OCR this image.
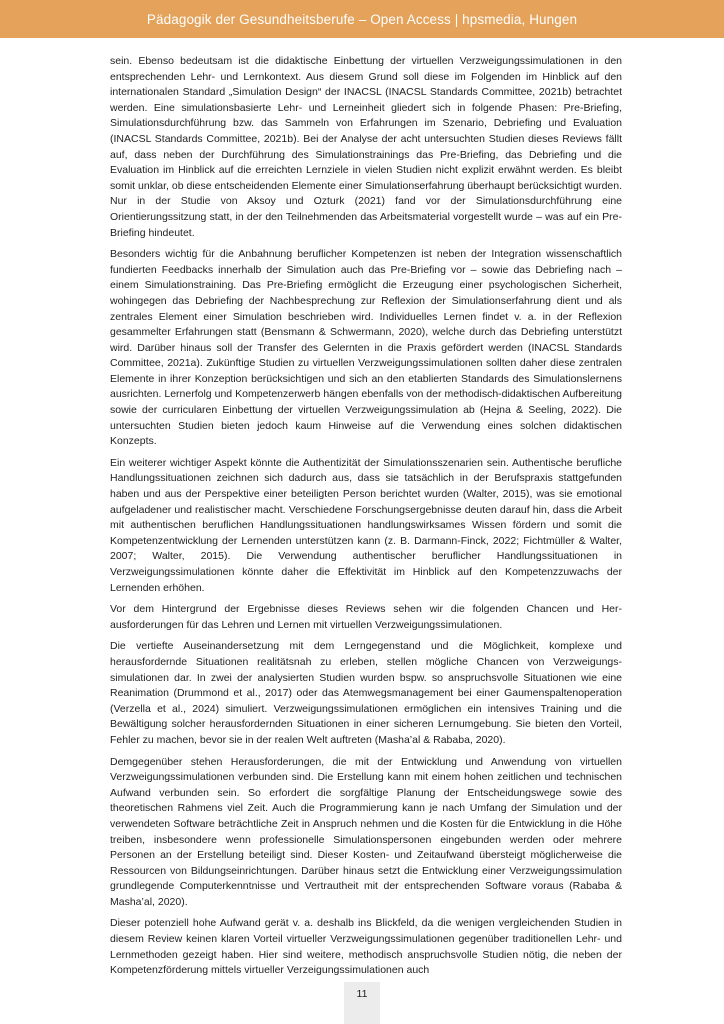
Pädagogik der Gesundheitsberufe – Open Access | hpsmedia, Hungen

sein. Ebenso bedeutsam ist die didaktische Einbettung der virtuellen Verzweigungssimulationen in den entsprechenden Lehr- und Lernkontext. Aus diesem Grund soll diese im Folgenden im Hinblick auf den internationalen Standard „Simulation Design“ der INACSL (INACSL Standards Committee, 2021b) betrachtet werden. Eine simulationsbasierte Lehr- und Lerneinheit gliedert sich in folgende Phasen: Pre-Briefing, Simulationsdurchführung bzw. das Sammeln von Erfahrungen im Szenario, Debriefing und Evaluation (INACSL Standards Committee, 2021b). Bei der Analyse der acht untersuchten Studien dieses Reviews fällt auf, dass neben der Durchführung des Simulationstrainings das Pre-Briefing, das Debriefing und die Evaluation im Hinblick auf die erreichten Lernziele in vielen Studien nicht explizit erwähnt werden. Es bleibt somit unklar, ob diese entscheidenden Elemente einer Simulationserfahrung überhaupt berücksichtigt wurden. Nur in der Studie von Aksoy und Ozturk (2021) fand vor der Simulationsdurchführung eine Orientierungssitzung statt, in der den Teilnehmenden das Arbeitsmaterial vorgestellt wurde – was auf ein Pre-Briefing hindeutet.

Besonders wichtig für die Anbahnung beruflicher Kompetenzen ist neben der Integration wissenschaftlich fundierten Feedbacks innerhalb der Simulation auch das Pre-Briefing vor – sowie das Debriefing nach – einem Simulationstraining. Das Pre-Briefing ermöglicht die Erzeugung einer psychologischen Sicherheit, wohingegen das Debriefing der Nachbesprechung zur Reflexion der Simulationserfahrung dient und als zentrales Element einer Simulation beschrieben wird. Individuelles Lernen findet v. a. in der Reflexion gesammelter Erfahrungen statt (Bensmann & Schwermann, 2020), welche durch das Debriefing unterstützt wird. Darüber hinaus soll der Transfer des Gelernten in die Praxis gefördert werden (INACSL Standards Committee, 2021a). Zukünftige Studien zu virtuellen Verzweigungssimulationen sollten daher diese zentralen Elemente in ihrer Konzeption berücksichtigen und sich an den etablierten Standards des Simulationslernens ausrichten. Lernerfolg und Kompetenzerwerb hängen ebenfalls von der methodisch-didaktischen Aufbereitung sowie der curricularen Einbettung der virtuellen Verzweigungssimulation ab (Hejna & Seeling, 2022). Die untersuchten Studien bieten jedoch kaum Hinweise auf die Verwendung eines solchen didaktischen Konzepts.

Ein weiterer wichtiger Aspekt könnte die Authentizität der Simulationsszenarien sein. Authentische berufliche Handlungssituationen zeichnen sich dadurch aus, dass sie tatsächlich in der Berufspraxis stattgefunden haben und aus der Perspektive einer beteiligten Person berichtet wurden (Walter, 2015), was sie emotional aufgeladener und realistischer macht. Verschiedene Forschungsergebnisse deuten darauf hin, dass die Arbeit mit authentischen beruflichen Handlungssituationen handlungswirksames Wissen fördern und somit die Kompetenzentwicklung der Lernenden unterstützen kann (z. B. Darmann-Finck, 2022; Fichtmüller & Walter, 2007; Walter, 2015). Die Verwendung authentischer beruflicher Handlungssituationen in Verzweigungssimulationen könnte daher die Effektivität im Hinblick auf den Kompetenzzuwachs der Lernenden erhöhen.

Vor dem Hintergrund der Ergebnisse dieses Reviews sehen wir die folgenden Chancen und Herausforderungen für das Lehren und Lernen mit virtuellen Verzweigungssimulationen.

Die vertiefte Auseinandersetzung mit dem Lerngegenstand und die Möglichkeit, komplexe und herausfordernde Situationen realitätsnah zu erleben, stellen mögliche Chancen von Verzweigungssimulationen dar. In zwei der analysierten Studien wurden bspw. so anspruchsvolle Situationen wie eine Reanimation (Drummond et al., 2017) oder das Atemwegsmanagement bei einer Gaumenspaltenoperation (Verzella et al., 2024) simuliert. Verzweigungssimulationen ermöglichen ein intensives Training und die Bewältigung solcher herausfordernden Situationen in einer sicheren Lernumgebung. Sie bieten den Vorteil, Fehler zu machen, bevor sie in der realen Welt auftreten (Masha’al & Rababa, 2020).

Demgegenüber stehen Herausforderungen, die mit der Entwicklung und Anwendung von virtuellen Verzweigungssimulationen verbunden sind. Die Erstellung kann mit einem hohen zeitlichen und technischen Aufwand verbunden sein. So erfordert die sorgfältige Planung der Entscheidungswege sowie des theoretischen Rahmens viel Zeit. Auch die Programmierung kann je nach Umfang der Simulation und der verwendeten Software beträchtliche Zeit in Anspruch nehmen und die Kosten für die Entwicklung in die Höhe treiben, insbesondere wenn professionelle Simulationspersonen eingebunden werden oder mehrere Personen an der Erstellung beteiligt sind. Dieser Kosten- und Zeitaufwand übersteigt möglicherweise die Ressourcen von Bildungseinrichtungen. Darüber hinaus setzt die Entwicklung einer Verzweigungssimulation grundlegende Computerkenntnisse und Vertrautheit mit der entsprechenden Software voraus (Rababa & Masha’al, 2020).

Dieser potenziell hohe Aufwand gerät v. a. deshalb ins Blickfeld, da die wenigen vergleichenden Studien in diesem Review keinen klaren Vorteil virtueller Verzweigungssimulationen gegenüber traditionellen Lehr- und Lernmethoden gezeigt haben. Hier sind weitere, methodisch anspruchsvolle Studien nötig, die neben der Kompetenzförderung mittels virtueller Verzeigungssimulationen auch

11
